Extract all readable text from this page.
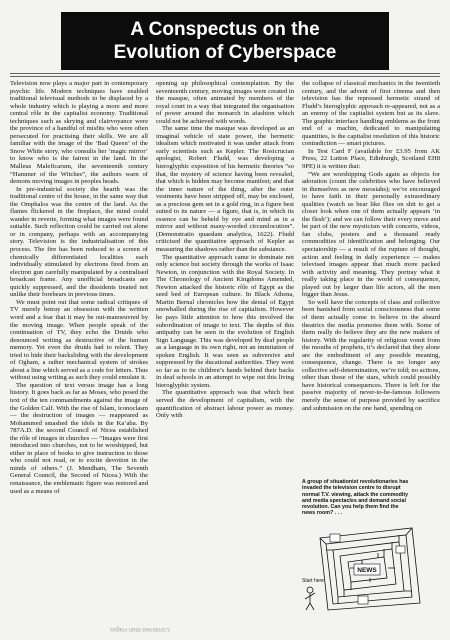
A Conspectus on the
Evolution of Cyberspace

Television now plays a major part in contemporary psychic life. Modern techniques have enabled traditional televisual methods to be displaced by a whole industry which is playing a more and more central rôle in the capitalist economy. Traditional techniques such as skrying and clairvoyance were the province of a handful of misfits who were often persecuted for practising their skills. We are all familiar with the image of the ‘Bad Queen’ of the Snow White story, who consults her ‘magic mirror’ to know who is the fairest in the land. In the Malleus Maleficarum, the seventeenth century “Hammer of the Witches”, the authors warn of demons moving images in peoples heads.

In pre-industrial society the hearth was the traditional centre of the house, in the same way that the Omphalos was the centre of the land. As the flames flickered in the fireplace, the mind could wander in reverie, forming what images were found suitable. Such reflection could be carried out alone or in company, perhaps with an accompanying story. Television is the industrialisation of this process. The fire has been reduced to a screen of chemically differentiated localities each individually stimulated by electrons fired from an electron gun carefully manipulated by a centralised broadcast frame. Any unofficial broadcasts are quickly suppressed, and the dissidents treated not unlike their forebears in previous times.

We must point out that some radical critiques of TV merely betray an obsession with the written word and a fear that it may be out-manoeuvred by the moving image. When people speak of the continuation of TV, they echo the Druids who denounced writing as destructive of the human memory. Yet even the druids had to relent. They tried to hide their backsliding with the development of Ogham, a rather mechanical system of strokes about a line which served as a code for letters. Thus without using writing as such they could emulate it.

The question of text versus image has a long history. It goes back as far as Moses, who posed the text of the ten commandments against the image of the Golden Calf. With the rise of Islam, iconoclasm — the destruction of images — reappeared as Mohammed smashed the idols in the Ka’aba. By 787A.D. the second Council of Nicea established the rôle of images in churches — “Images were first introduced into churches, not to be worshipped, but either in place of books to give instruction to those who could not read, or to excite devotion in the minds of others.” (J. Mendham, The Seventh General Council, the Second of Nicea.) With the renaissance, the emblematic figure was restored and used as a means of

opening up philosophical contemplation. By the seventeenth century, moving images were created in the masque, often animated by members of the royal court in a way that integrated the organisation of power around the monarch in afashion which could not be achieved with words.

The same time the masque was developed as an imaginal vehicle of state power, the hermetic idealism which motivated it was under attack from early scientists such as Kepler. The Rosicrucian apologist, Robert Fludd, was developing a hieroglyphic exposition of his hermetic theories “so that, the mystery of science having been revealed, that which is hidden may become manifest; and that the inner nature of the thing, after the outer vestments have been stripped off, may be enclosed, as a precious gem set in a gold ring, in a figure best suited to its nature — a figure, that is, in which its essence can be beheld by eye and mind as in a mirror and without many-worded circumlocution”. (Demonstratio quaedam analytica, 1622). Fludd criticised the quantitative approach of Kepler as measuring the shadows rather than the substance.

The quantitative approach came to dominate not only science but society through the works of Isaac Newton, in conjunction with the Royal Society. In The Chronology of Ancient Kingdoms Amended, Newton attacked the historic rôle of Egypt as the seed bed of European culture. In Black Athena, Martin Bernal chronicles how the denial of Egypt snowballed during the rise of capitalism. However he pays little attention to how this involved the subordination of image to text. The depths of this antipathy can be seen in the evolution of English Sign Language. This was developed by deaf people as a language in its own right, not an immitation of spoken English. It was seen as subversive and suppressed by the ducational authorities. They went so far as to tie children’s hands behind their backs in deaf schools in an attempt to wipe out this living hieroglyphic system.

The quantitative approach was that which best served the development of capitalism, with the quantification of abstract labour power as money. Only with

the collapse of classical mechanics in the twentieth century, and the advent of first cinema and then television has the repressed hermetic strand of Fludd’s hieroglyphic approach re-appeared, not as a an enemy of the capitalist system but as its slave. The graphic interface handling emblems as the front end of a machin, dedicated to manipulating quantities, is the capitalist resolution of this historic contradiction — smart pictures.

In Test Card F (available for £3.95 from AK Press, 22 Lutton Place, Edinburgh, Scotland EH8 9PE) it is written that:

“We are worshipping Gods again as objects for adoration (count the celebrities who have believed in themselves as new messiahs); we’re encouraged to have faith in their personally extraordinary qualities (watch us bear like flies on shit to get a closer look when one of them actually appears ‘in the flesh’); and we can follow their every move and be part of the new mysticism with concerts, videos, fan clubs, posters and a thousand ready commodities of identification and belonging. Our spectatorship — a result of the rupture of thought, action and feeling in daily experience — makes televised images appear that much more packed with activity and meaning. They portray what it really taking place in the world of consequence, played out by larger than life actors, all the men bigger than Jesus.

So well have the concepts of class and collective been banished from social consciousness that some of them actually come to believe in the absurd theatrics the media promotes them with. Some of them really do believe they are the new makers of history. With the regularity of religious vomit from the mouths of prophets, it’s declared that they alone are the embodiment of any possible meaning, consequence, change. There is no longer any collective self-determination, we’re told; no actions, other than those of the stars, which could possibly have historical consequences. There is left for the passive majority of never-to-be-famous followers merely the sense of purpose provided by sacrifice and submission on the one hand, spending on

A group of situationist revolutionaries has invaded the television centre to disrupt normal T.V. viewing, attack the commodity and media spectacles and demand social revolution. Can you help them find the news room? . . .
NEWS
Start here
Combined Blah Pages
